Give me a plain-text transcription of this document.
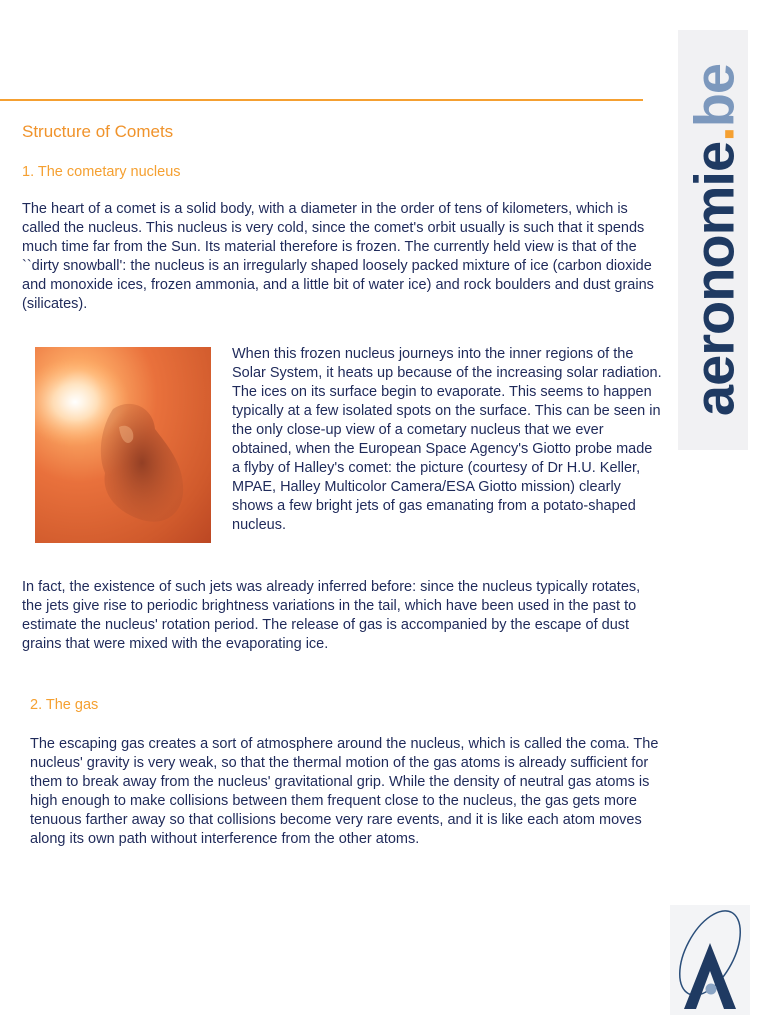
aeronomie.be
Structure of Comets
1. The cometary nucleus

The heart of a comet is a solid body, with a diameter in the order of tens of kilometers, which is called the nucleus. This nucleus is very cold, since the comet's orbit usually is such that it spends much time far from the Sun. Its material therefore is frozen. The currently held view is that of the ``dirty snowball': the nucleus is an irregularly shaped loosely packed mixture of ice (carbon dioxide and monoxide ices, frozen ammonia, and a little bit of water ice) and rock boulders and dust grains (silicates).

When this frozen nucleus journeys into the inner regions of the Solar System, it heats up because of the increasing solar radiation. The ices on its surface begin to evaporate. This seems to happen typically at a few isolated spots on the surface. This can be seen in the only close-up view of a cometary nucleus that we ever obtained, when the European Space Agency's Giotto probe made a flyby of Halley's comet: the picture (courtesy of Dr H.U. Keller, MPAE, Halley Multicolor Camera/ESA Giotto mission) clearly shows a few bright jets of gas emanating from a potato-shaped nucleus.

In fact, the existence of such jets was already inferred before: since the nucleus typically rotates, the jets give rise to periodic brightness variations in the tail, which have been used in the past to estimate the nucleus' rotation period. The release of gas is accompanied by the escape of dust grains that were mixed with the evaporating ice.

2. The gas

The escaping gas creates a sort of atmosphere around the nucleus, which is called the coma. The nucleus' gravity is very weak, so that the thermal motion of the gas atoms is already sufficient for them to break away from the nucleus' gravitational grip. While the density of neutral gas atoms is high enough to make collisions between them frequent close to the nucleus, the gas gets more tenuous farther away so that collisions become very rare events, and it is like each atom moves along its own path without interference from the other atoms.
